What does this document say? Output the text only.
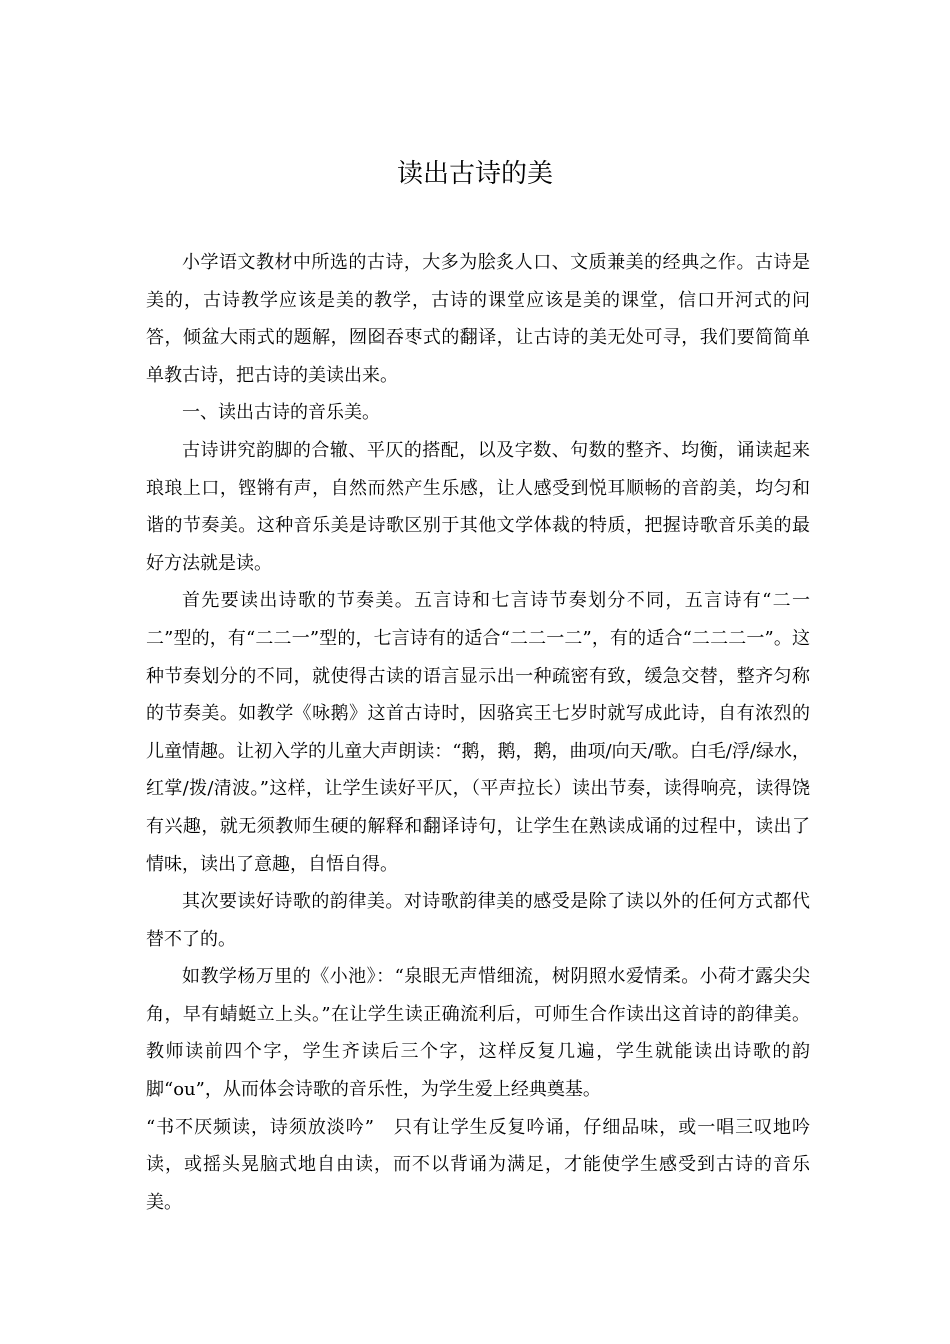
读出古诗的美

小学语文教材中所选的古诗，大多为脍炙人口、文质兼美的经典之作。古诗是美的，古诗教学应该是美的教学，古诗的课堂应该是美的课堂，信口开河式的问答，倾盆大雨式的题解，囫囵吞枣式的翻译，让古诗的美无处可寻，我们要简简单单教古诗，把古诗的美读出来。

一、读出古诗的音乐美。

古诗讲究韵脚的合辙、平仄的搭配，以及字数、句数的整齐、均衡，诵读起来琅琅上口，铿锵有声，自然而然产生乐感，让人感受到悦耳顺畅的音韵美，均匀和谐的节奏美。这种音乐美是诗歌区别于其他文学体裁的特质，把握诗歌音乐美的最好方法就是读。

首先要读出诗歌的节奏美。五言诗和七言诗节奏划分不同，五言诗有“二一二”型的，有“二二一”型的，七言诗有的适合“二二一二”，有的适合“二二二一”。这种节奏划分的不同，就使得古读的语言显示出一种疏密有致，缓急交替，整齐匀称的节奏美。如教学《咏鹅》这首古诗时，因骆宾王七岁时就写成此诗，自有浓烈的儿童情趣。让初入学的儿童大声朗读：“鹅，鹅，鹅，曲项/向天/歌。白毛/浮/绿水，红掌/拨/清波。”这样，让学生读好平仄，（平声拉长）读出节奏，读得响亮，读得饶有兴趣，就无须教师生硬的解释和翻译诗句，让学生在熟读成诵的过程中，读出了情味，读出了意趣，自悟自得。

其次要读好诗歌的韵律美。对诗歌韵律美的感受是除了读以外的任何方式都代替不了的。

如教学杨万里的《小池》：“泉眼无声惜细流，树阴照水爱情柔。小荷才露尖尖角，早有蜻蜓立上头。”在让学生读正确流利后，可师生合作读出这首诗的韵律美。教师读前四个字，学生齐读后三个字，这样反复几遍，学生就能读出诗歌的韵脚“ou”，从而体会诗歌的音乐性，为学生爱上经典奠基。

“书不厌频读，诗须放淡吟”　只有让学生反复吟诵，仔细品味，或一唱三叹地吟读，或摇头晃脑式地自由读，而不以背诵为满足，才能使学生感受到古诗的音乐美。
